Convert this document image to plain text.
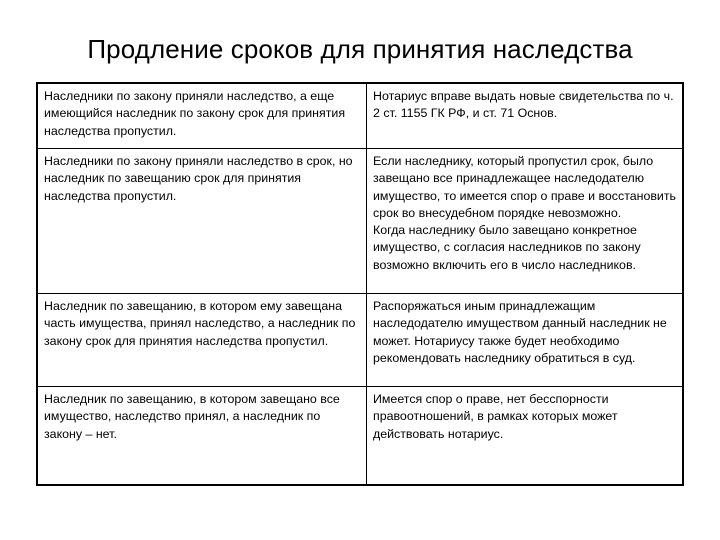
Продление сроков для принятия наследства
Наследники по закону приняли наследство, а еще имеющийся наследник по закону срок для принятия наследства пропустил.	Нотариус вправе выдать новые свидетельства по ч. 2 ст. 1155 ГК РФ, и ст. 71 Основ.

Наследники по закону приняли наследство в срок, но наследник по завещанию срок для принятия наследства пропустил.	Если наследнику, который пропустил срок, было завещано все принадлежащее наследодателю имущество, то имеется спор о праве и восстановить срок во внесудебном порядке невозможно.
Когда наследнику было завещано конкретное имущество, с согласия наследников по закону возможно включить его в число наследников.

Наследник по завещанию, в котором ему завещана часть имущества, принял наследство, а наследник по закону срок для принятия наследства пропустил.	Распоряжаться иным принадлежащим наследодателю имуществом данный наследник не может. Нотариусу также будет необходимо рекомендовать наследнику обратиться в суд.

Наследник по завещанию, в котором завещано все имущество, наследство принял, а наследник по закону – нет.	Имеется спор о праве, нет бесспорности правоотношений, в рамках которых может действовать нотариус.
